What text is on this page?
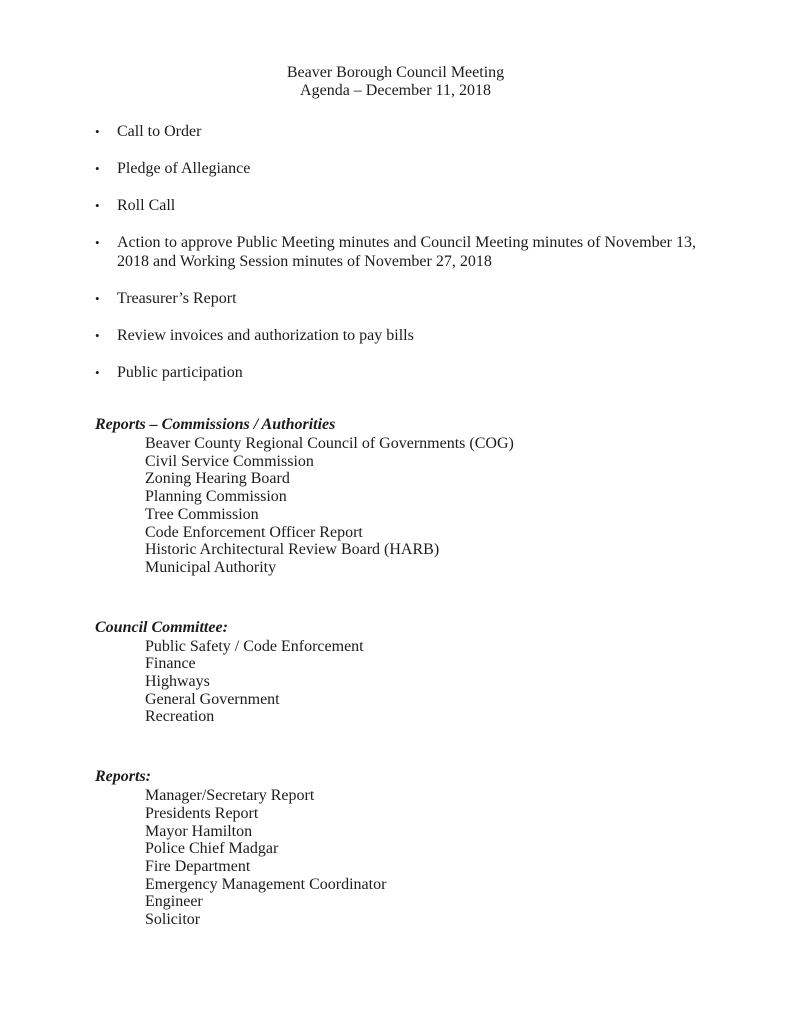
Beaver Borough Council Meeting
Agenda – December 11, 2018
•	Call to Order
•	Pledge of Allegiance
•	Roll Call
•	Action to approve Public Meeting minutes and Council Meeting minutes of November 13, 2018 and Working Session minutes of November 27, 2018
•	Treasurer’s Report
•	Review invoices and authorization to pay bills
•	Public participation
Reports – Commissions / Authorities
Beaver County Regional Council of Governments (COG)
Civil Service Commission
Zoning Hearing Board
Planning Commission
Tree Commission
Code Enforcement Officer Report
Historic Architectural Review Board (HARB)
Municipal Authority
Council Committee:
Public Safety / Code Enforcement
Finance
Highways
General Government
Recreation
Reports:
Manager/Secretary Report
Presidents Report
Mayor Hamilton
Police Chief Madgar
Fire Department
Emergency Management Coordinator
Engineer
Solicitor
